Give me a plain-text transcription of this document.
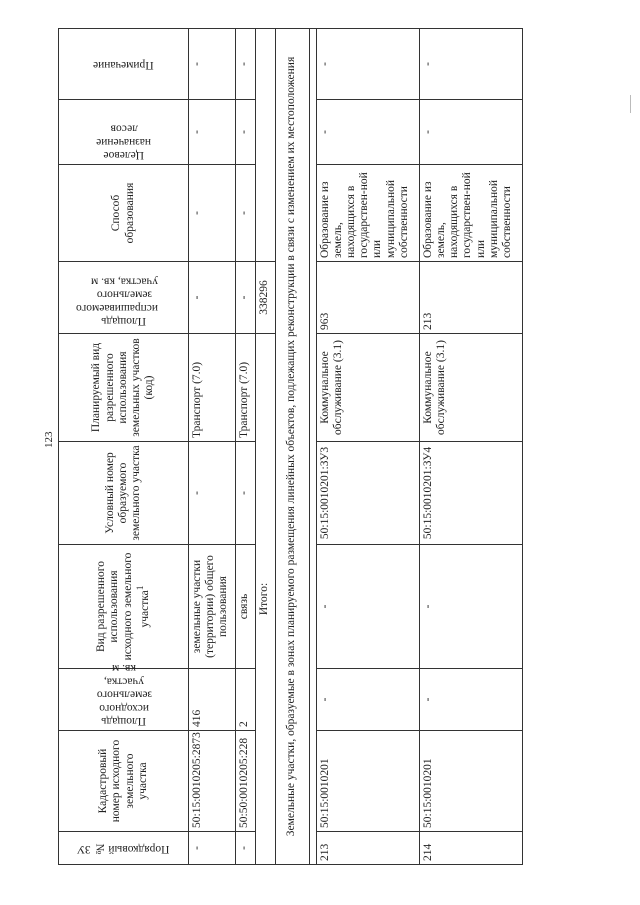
123
Порядковый № ЗУ	Кадастровый номер исходного земельного участка	Площадь исходного земельного участка, кв. м	Вид разрешенного использования исходного земельного участка$^1$	Условный номер образуемого земельного участка	Планируемый вид разрешенного использования земельных участков (код)	Площадь испрашиваемого земельного участка, кв. м	Способ образования	Целевое назначение лесов	Примечание

-	50:15:0010205:2873	416	земельные участки (территории) общего пользования	-	Транспорт (7.0)	-	-	-	-
-	50:50:0010205:228	2	связь	-	Транспорт (7.0)	-	-	-	-
Итого:						338296			
Земельные участки, образуемые в зонах планируемого размещения линейных объектов, подлежащих реконструкции в связи с изменением их местоположения									

213	50:15:0010201	-	-	50:15:0010201:ЗУ3	Коммунальное обслуживание (3.1)	963	Образование из земель, находящихся в государствен-ной или муниципальной собственности	-	-
214	50:15:0010201	-	-	50:15:0010201:ЗУ4	Коммунальное обслуживание (3.1)	213	Образование из земель, находящихся в государствен-ной или муниципальной собственности	-	-
